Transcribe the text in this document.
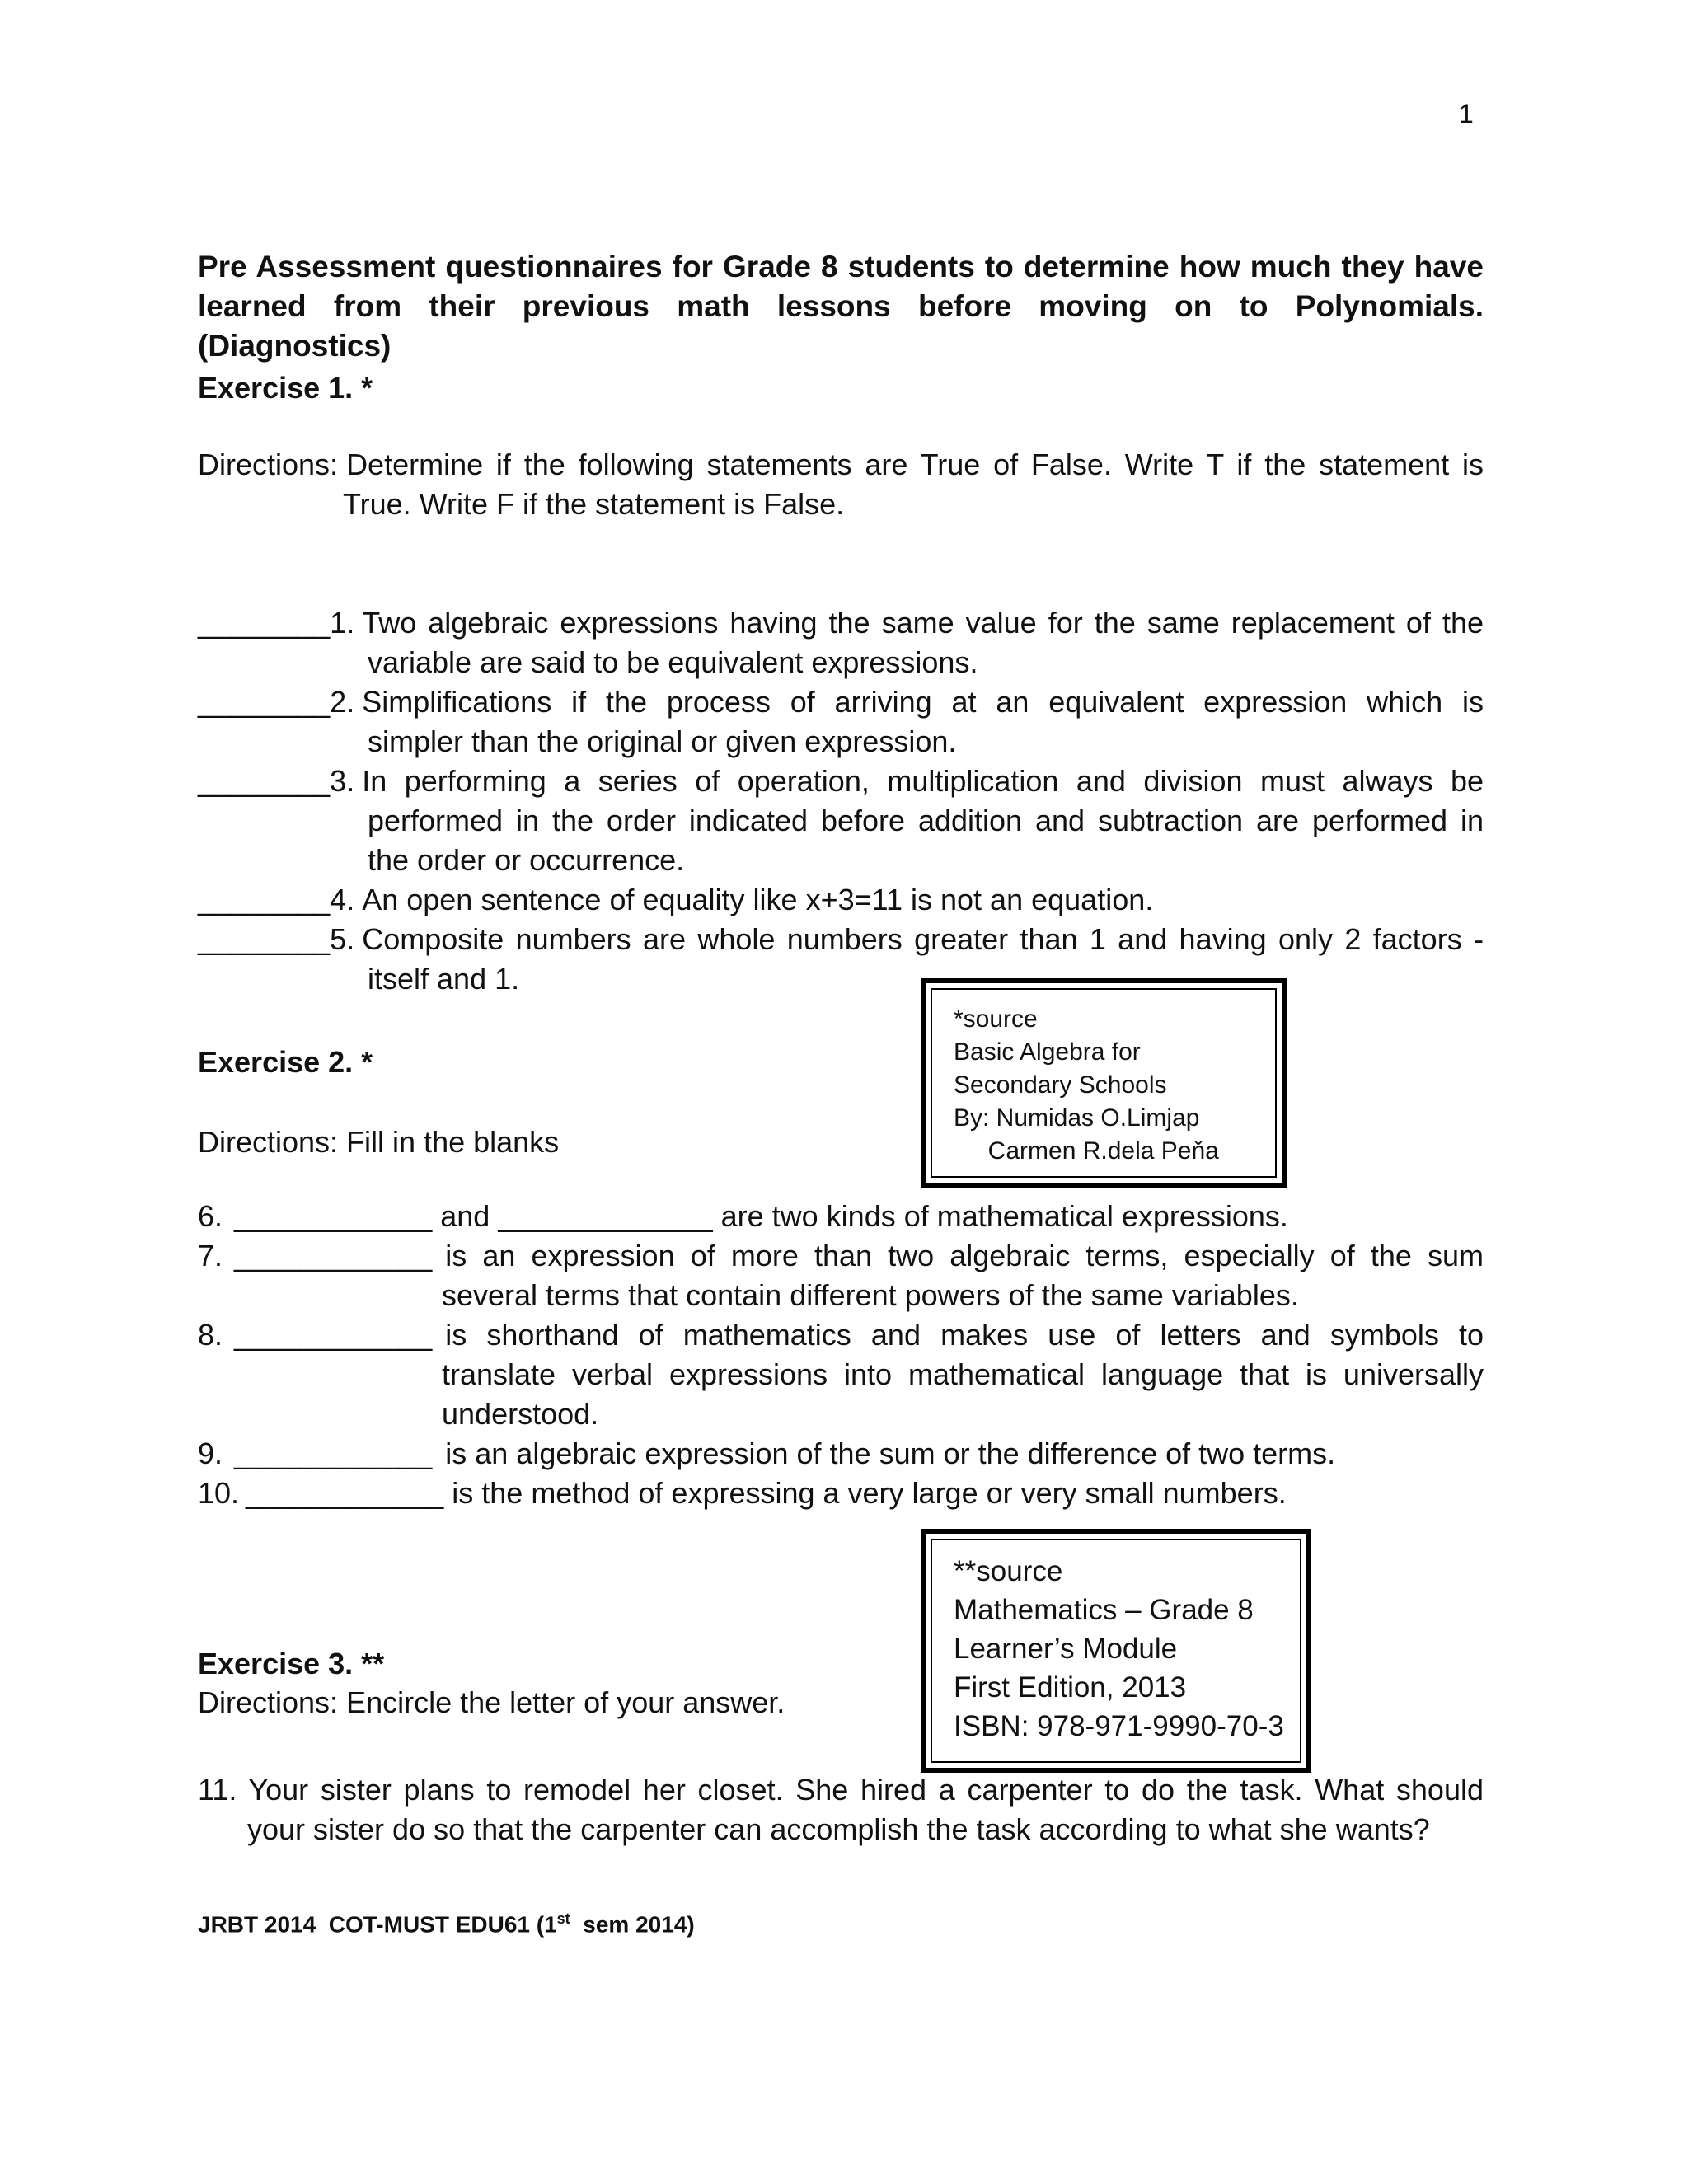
1
Pre Assessment questionnaires for Grade 8 students to determine how much they have learned from their previous math lessons before moving on to Polynomials. (Diagnostics)
Exercise 1. *
Directions: Determine if the following statements are True of False. Write T if the statement is
True. Write F if the statement is False.
________ 1. Two algebraic expressions having the same value for the same replacement of the
variable are said to be equivalent expressions.
________ 2. Simplifications if the process of arriving at an equivalent expression which is
simpler than the original or given expression.
________ 3. In performing a series of operation, multiplication and division must always be
performed in the order indicated before addition and subtraction are performed in
the order or occurrence.
________ 4. An open sentence of equality like x+3=11 is not an equation.
________ 5. Composite numbers are whole numbers greater than 1 and having only 2 factors -
itself and 1.
*source
Basic Algebra for
Secondary Schools
By: Numidas O.Limjap
Carmen R.dela Peňa
Exercise 2. *
Directions: Fill in the blanks
6. ____________ and _____________ are two kinds of mathematical expressions.
7. ____________ is an expression of more than two algebraic terms, especially of the sum
several terms that contain different powers of the same variables.
8. ____________ is shorthand of mathematics and makes use of letters and symbols to
translate verbal expressions into mathematical language that is universally
understood.
9. ____________ is an algebraic expression of the sum or the difference of two terms.
10. ____________ is the method of expressing a very large or very small numbers.
**source
Mathematics – Grade 8
Learner’s Module
First Edition, 2013
ISBN: 978-971-9990-70-3
Exercise 3. **
Directions: Encircle the letter of your answer.
11. Your sister plans to remodel her closet. She hired a carpenter to do the task. What should
your sister do so that the carpenter can accomplish the task according to what she wants?
JRBT 2014  COT-MUST EDU61 (1st  sem 2014)
